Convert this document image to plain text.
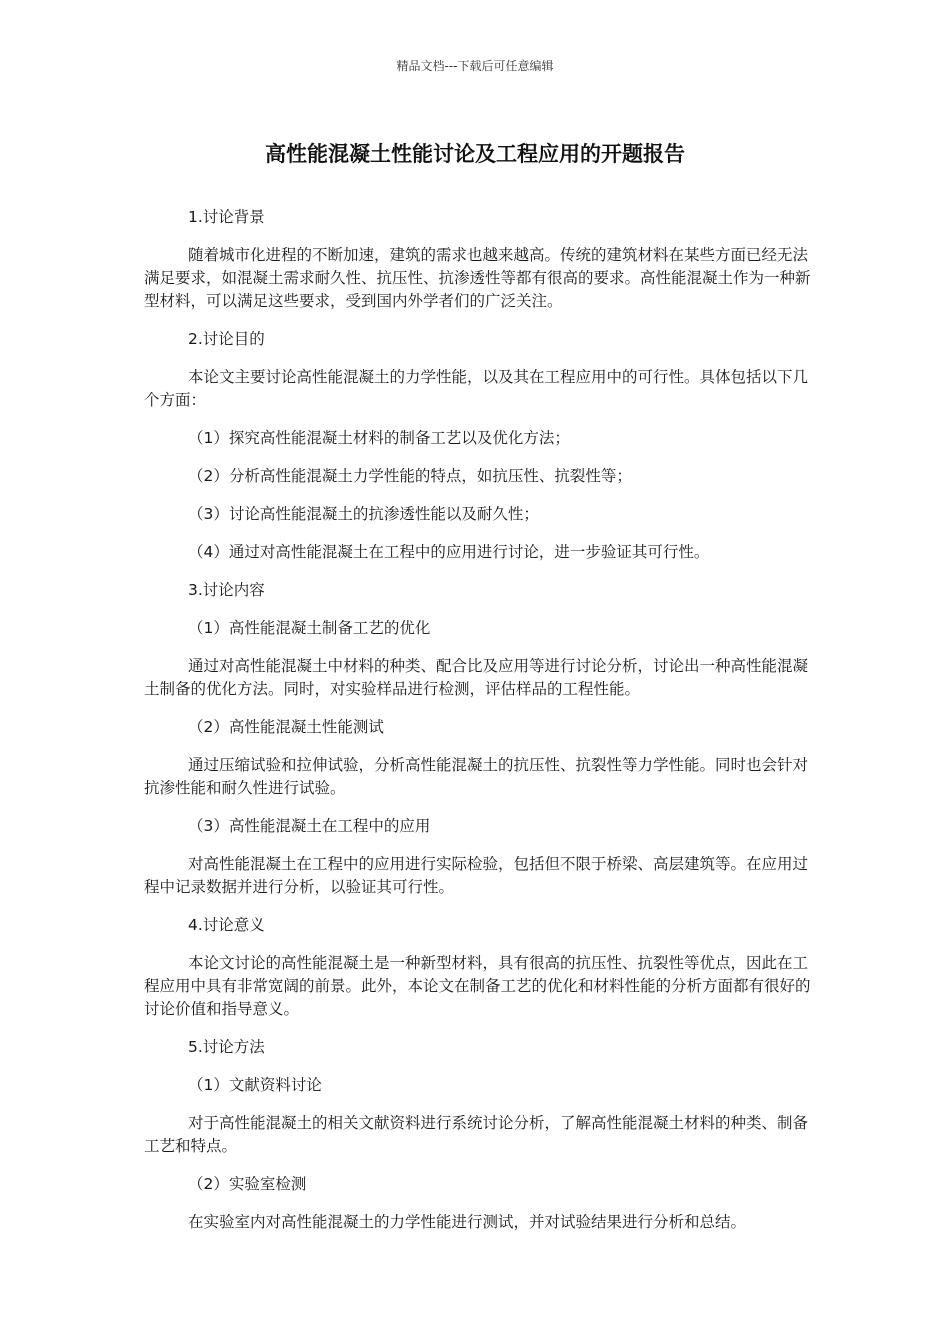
精品文档---下载后可任意编辑
高性能混凝土性能讨论及工程应用的开题报告
1.讨论背景
随着城市化进程的不断加速，建筑的需求也越来越高。传统的建筑材料在某些方面已经无法满足要求，如混凝土需求耐久性、抗压性、抗渗透性等都有很高的要求。高性能混凝土作为一种新型材料，可以满足这些要求，受到国内外学者们的广泛关注。
2.讨论目的
本论文主要讨论高性能混凝土的力学性能，以及其在工程应用中的可行性。具体包括以下几个方面：
（1）探究高性能混凝土材料的制备工艺以及优化方法；
（2）分析高性能混凝土力学性能的特点，如抗压性、抗裂性等；
（3）讨论高性能混凝土的抗渗透性能以及耐久性；
（4）通过对高性能混凝土在工程中的应用进行讨论，进一步验证其可行性。
3.讨论内容
（1）高性能混凝土制备工艺的优化
通过对高性能混凝土中材料的种类、配合比及应用等进行讨论分析，讨论出一种高性能混凝土制备的优化方法。同时，对实验样品进行检测，评估样品的工程性能。
（2）高性能混凝土性能测试
通过压缩试验和拉伸试验，分析高性能混凝土的抗压性、抗裂性等力学性能。同时也会针对抗渗性能和耐久性进行试验。
（3）高性能混凝土在工程中的应用
对高性能混凝土在工程中的应用进行实际检验，包括但不限于桥梁、高层建筑等。在应用过程中记录数据并进行分析，以验证其可行性。
4.讨论意义
本论文讨论的高性能混凝土是一种新型材料，具有很高的抗压性、抗裂性等优点，因此在工程应用中具有非常宽阔的前景。此外，本论文在制备工艺的优化和材料性能的分析方面都有很好的讨论价值和指导意义。
5.讨论方法
（1）文献资料讨论
对于高性能混凝土的相关文献资料进行系统讨论分析，了解高性能混凝土材料的种类、制备工艺和特点。
（2）实验室检测
在实验室内对高性能混凝土的力学性能进行测试，并对试验结果进行分析和总结。
